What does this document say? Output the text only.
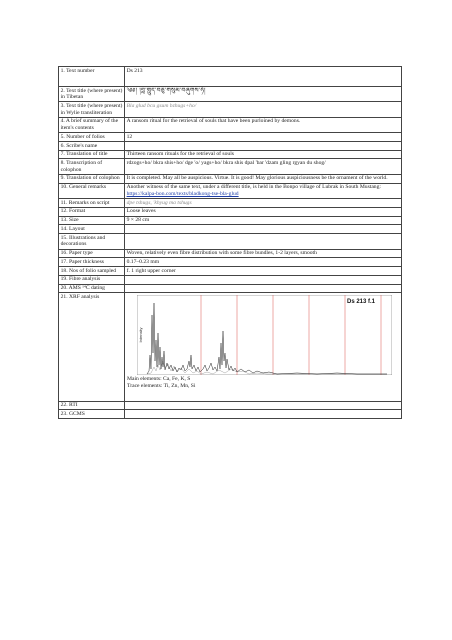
1. Text number	Ds 213
2. Text title (where present) in Tibetan	༄༅། །བླ་གླུད་བཅུ་གསུམ་བཞུགས་ཧོ།
3. Text title (where present) in Wylie transliteration	Bla glud bcu gsum bzhugs+ho/
4. A brief summary of the item's contents	A ransom ritual for the retrieval of souls that have been purloined by demons.
5. Number of folios	12
6. Scribe's name	
7. Translation of title	Thirteen ransom rituals for the retrieval of souls
8. Transcription of colophon	rdzogs+ho/ bkra shis+ho/ dge 'o/ yags+ho/ bkra shis dpal 'bar 'dzam gling rgyan du shog/
9. Translation of colophon	It is completed. May all be auspicious. Virtue. It is good! May glorious auspiciousness be the ornament of the world.
10. General remarks	Another witness of the same text, under a different title, is held in the Bonpo village of Lubrak in South Mustang: https://kalpa-bon.com/texts/bladkong-tse-bla-glud
11. Remarks on script	dpe tshugs, 'khyug ma tshugs
12. Format	Loose leaves
13. Size	9 × 28 cm
14. Layout	
15. Illustrations and decorations	
16. Paper type	Woven, relatively even fibre distribution with some fibre bundles, 1-2 layers, smooth
17. Paper thickness	0.17–0.23 mm
18. Nos of folio sampled	f. 1 right upper corner
19. Fibre analysis	
20. AMS ¹⁴C dating	
21. XRF analysis	Intensity
Ds 213 f.1
Main elements: Ca, Fe, K, S
Trace elements: Ti, Zn, Mn, Si

22. RTI	
23. GCMS	
